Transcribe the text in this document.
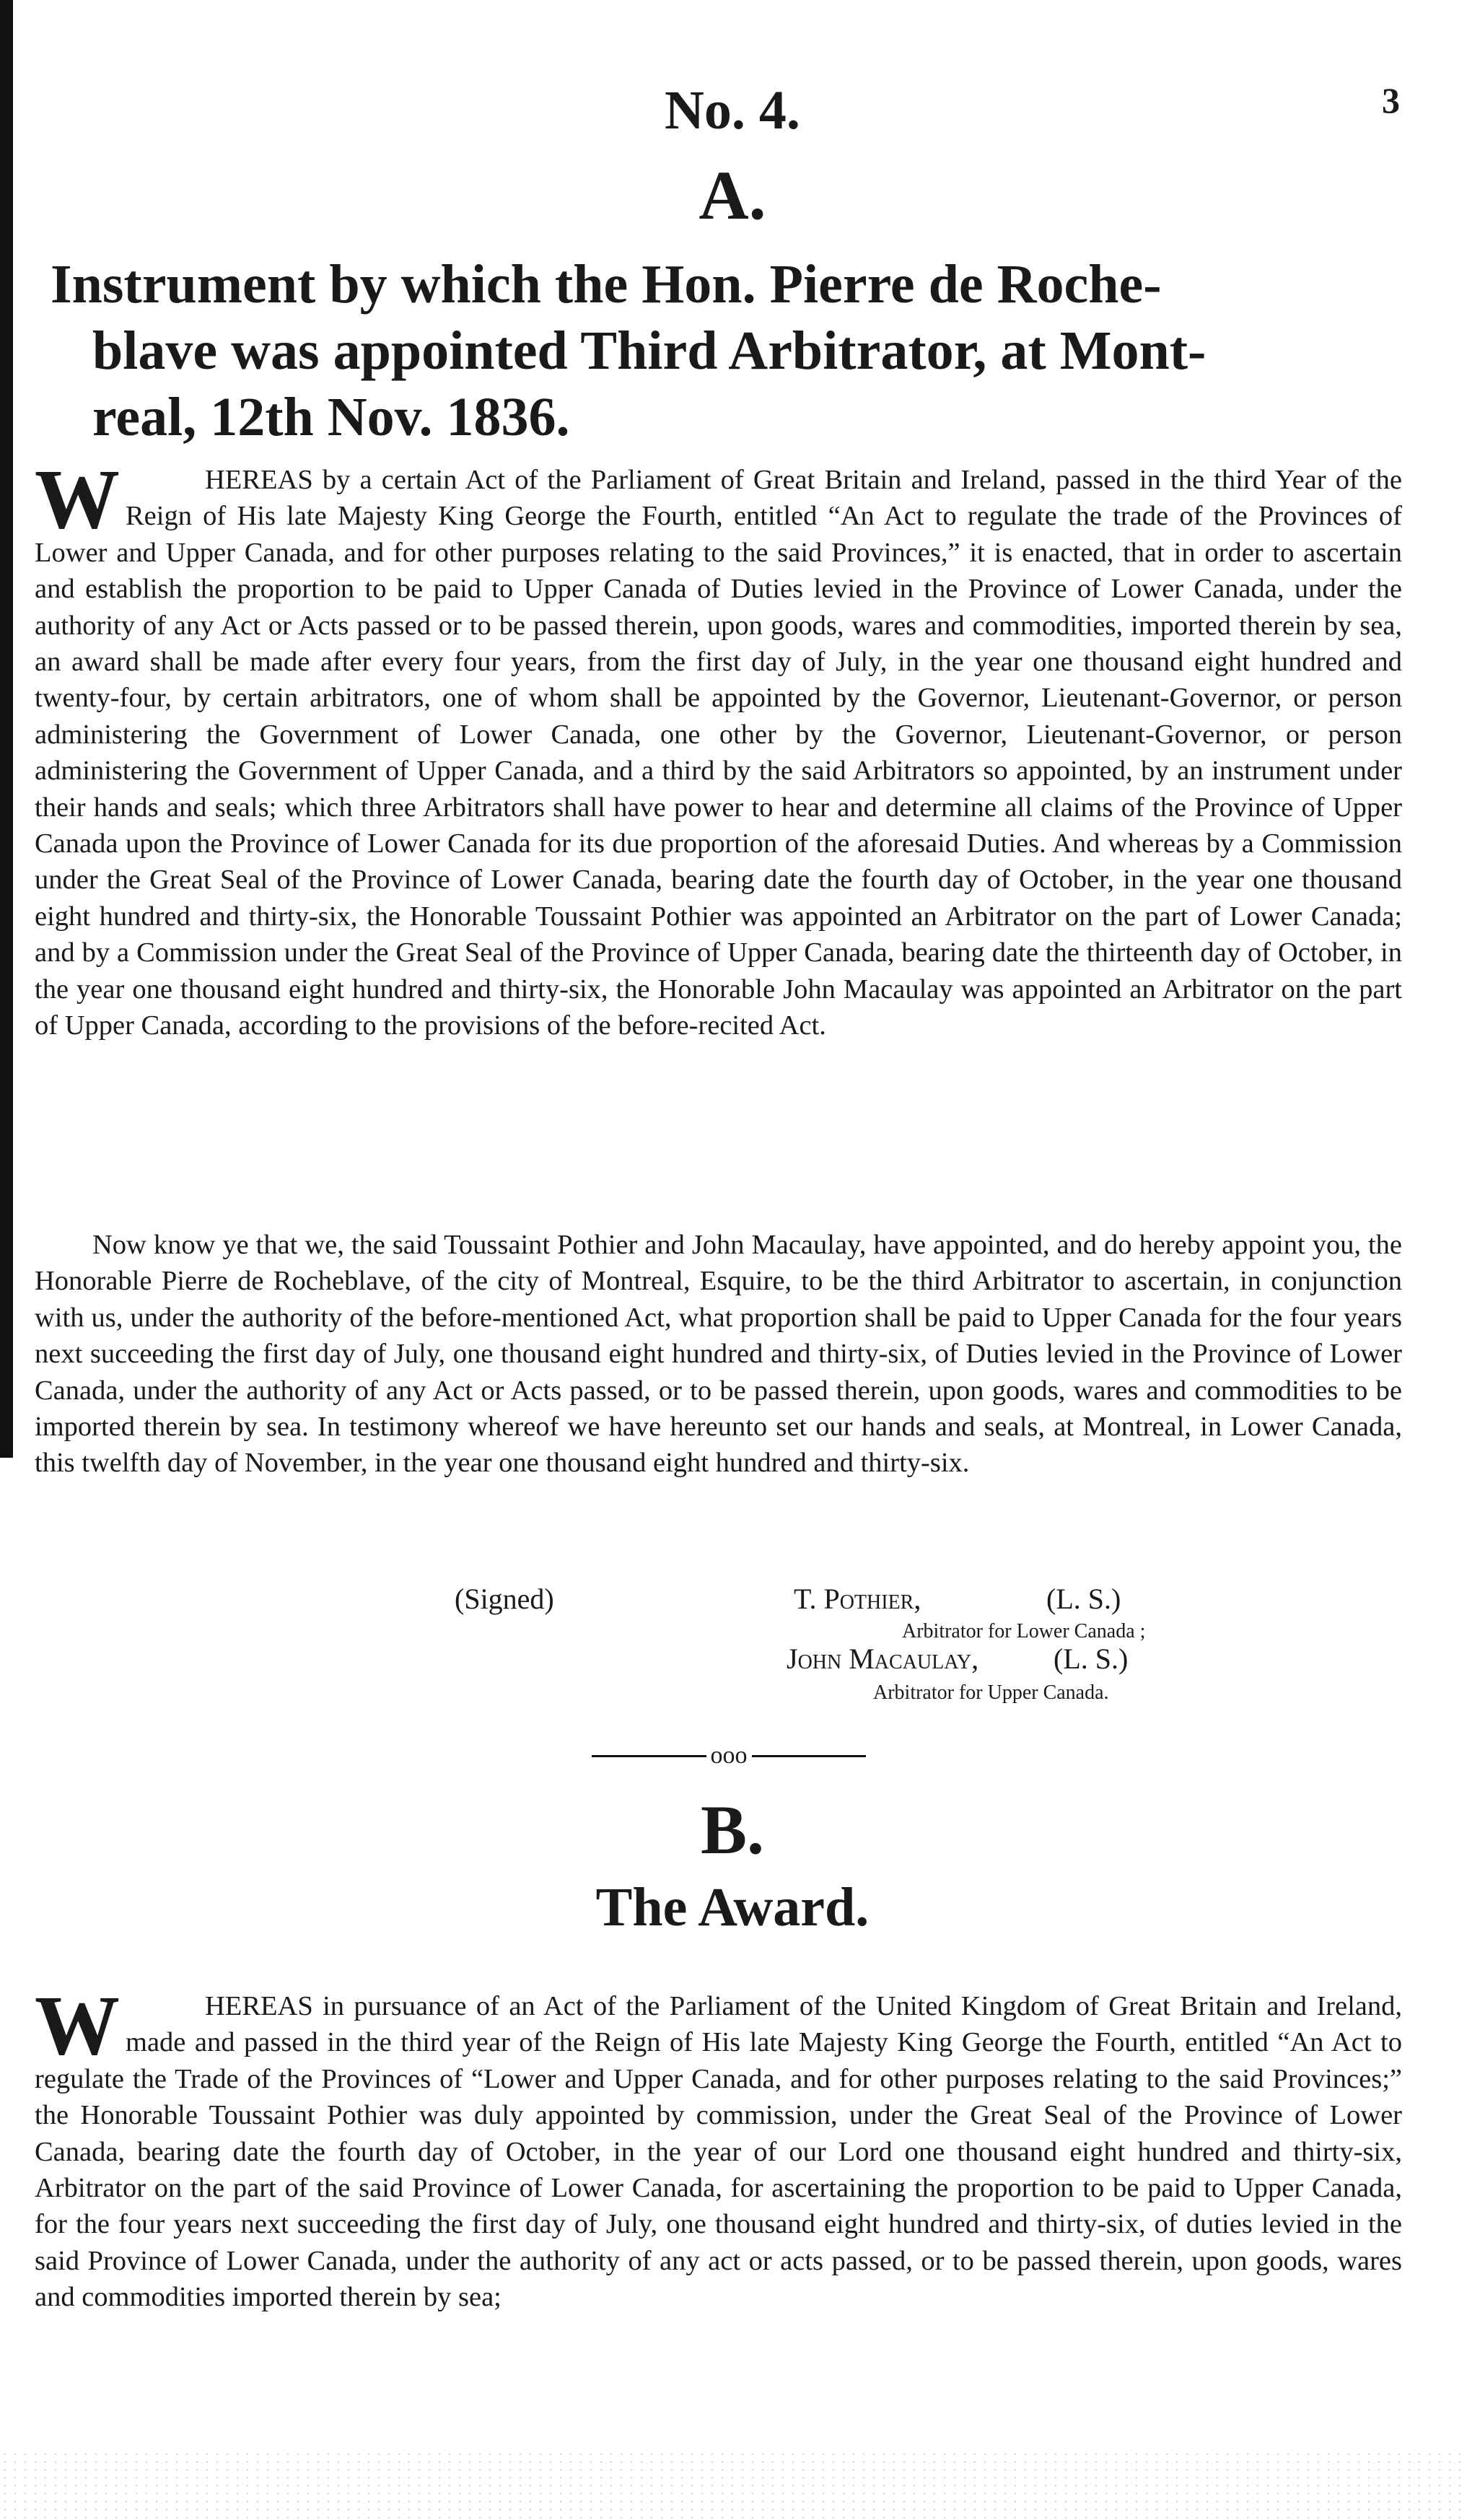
No. 4.	3
A.
Instrument by which the Hon. Pierre de Roche-
blave was appointed Third Arbitrator, at Mont-
real, 12th Nov. 1836.
W	HEREAS by a certain Act of the Parliament of Great Britain and Ireland, passed in the third Year of the Reign of His late Majesty King George the Fourth, entitled “An Act to regulate the trade of the Provinces of Lower and Upper Canada, and for other purposes relating to the said Provinces,” it is enacted, that in order to ascertain and establish the proportion to be paid to Upper Canada of Duties levied in the Province of Lower Canada, under the authority of any Act or Acts passed or to be passed therein, upon goods, wares and commodities, imported therein by sea, an award shall be made after every four years, from the first day of July, in the year one thousand eight hundred and twenty-four, by certain arbitrators, one of whom shall be appointed by the Governor, Lieutenant-Governor, or person administering the Government of Lower Canada, one other by the Governor, Lieutenant-Governor, or person administering the Government of Upper Canada, and a third by the said Arbitrators so appointed, by an instrument under their hands and seals; which three Arbitrators shall have power to hear and determine all claims of the Province of Upper Canada upon the Province of Lower Canada for its due proportion of the aforesaid Duties. And whereas by a Commission under the Great Seal of the Province of Lower Canada, bearing date the fourth day of October, in the year one thousand eight hundred and thirty-six, the Honorable Toussaint Pothier was appointed an Arbitrator on the part of Lower Canada; and by a Commission under the Great Seal of the Province of Upper Canada, bearing date the thirteenth day of October, in the year one thousand eight hundred and thirty-six, the Honorable John Macaulay was appointed an Arbitrator on the part of Upper Canada, according to the provisions of the before-recited Act.
Now know ye that we, the said Toussaint Pothier and John Macaulay, have appointed, and do hereby appoint you, the Honorable Pierre de Rocheblave, of the city of Montreal, Esquire, to be the third Arbitrator to ascertain, in conjunction with us, under the authority of the before-mentioned Act, what proportion shall be paid to Upper Canada for the four years next succeeding the first day of July, one thousand eight hundred and thirty-six, of Duties levied in the Province of Lower Canada, under the authority of any Act or Acts passed, or to be passed therein, upon goods, wares and commodities to be imported therein by sea. In testimony whereof we have hereunto set our hands and seals, at Montreal, in Lower Canada, this twelfth day of November, in the year one thousand eight hundred and thirty-six.
(Signed)	T. Pothier,	(L. S.)
Arbitrator for Lower Canada ;
John Macaulay,	(L. S.)
Arbitrator for Upper Canada.
ooo
B.
The Award.
W	HEREAS in pursuance of an Act of the Parliament of the United Kingdom of Great Britain and Ireland, made and passed in the third year of the Reign of His late Majesty King George the Fourth, entitled “An Act to regulate the Trade of the Provinces of “Lower and Upper Canada, and for other purposes relating to the said Provinces;” the Honorable Toussaint Pothier was duly appointed by commission, under the Great Seal of the Province of Lower Canada, bearing date the fourth day of October, in the year of our Lord one thousand eight hundred and thirty-six, Arbitrator on the part of the said Province of Lower Canada, for ascertaining the proportion to be paid to Upper Canada, for the four years next succeeding the first day of July, one thousand eight hundred and thirty-six, of duties levied in the said Province of Lower Canada, under the authority of any act or acts passed, or to be passed therein, upon goods, wares and commodities imported therein by sea;
